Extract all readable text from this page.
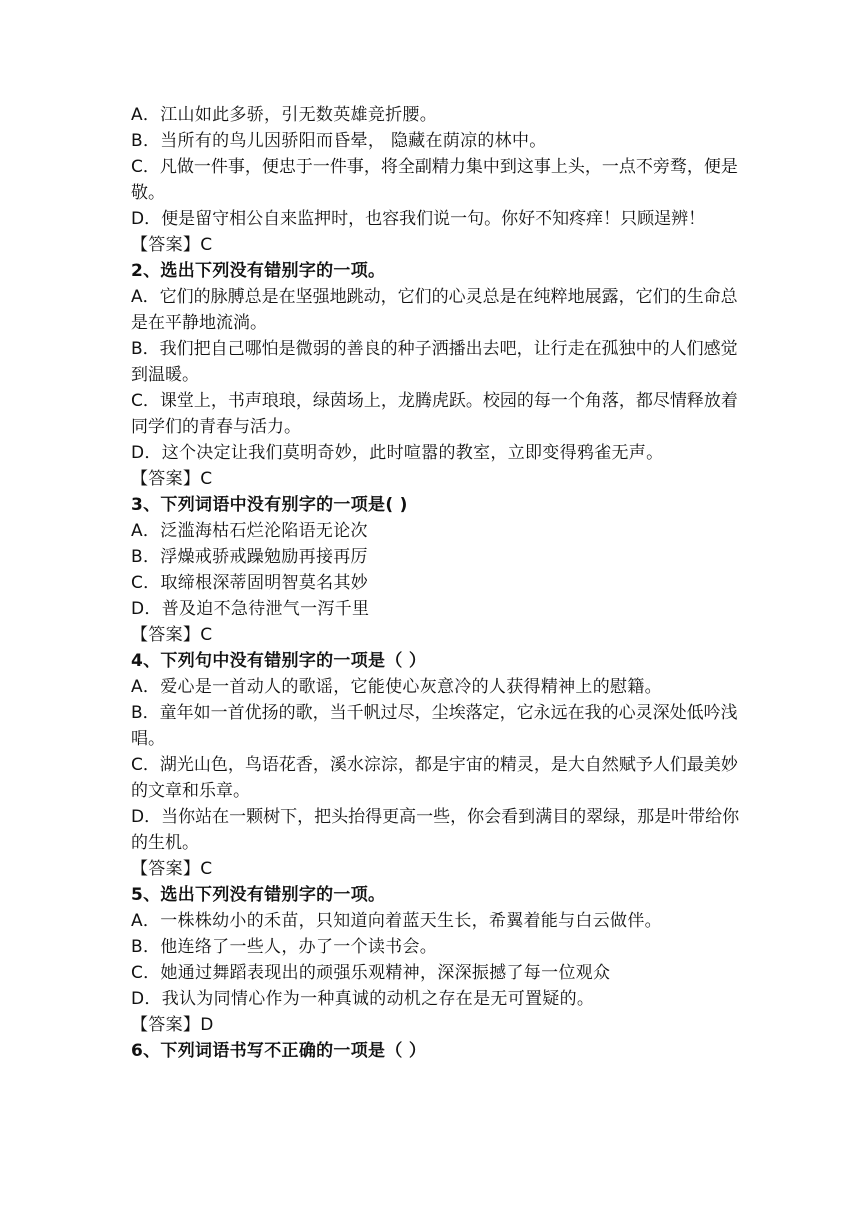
A．江山如此多骄，引无数英雄竞折腰。
B．当所有的鸟儿因骄阳而昏晕， 隐藏在荫凉的林中。
C．凡做一件事，便忠于一件事，将全副精力集中到这事上头，一点不旁骛，便是敬。
D．便是留守相公自来监押时，也容我们说一句。你好不知疼痒！只顾逞辨！
【答案】C
2、选出下列没有错别字的一项。
A．它们的脉膊总是在坚强地跳动，它们的心灵总是在纯粹地展露，它们的生命总是在平静地流淌。
B．我们把自己哪怕是微弱的善良的种子洒播出去吧，让行走在孤独中的人们感觉到温暖。
C．课堂上，书声琅琅，绿茵场上，龙腾虎跃。校园的每一个角落，都尽情释放着同学们的青春与活力。
D．这个决定让我们莫明奇妙，此时喧嚣的教室，立即变得鸦雀无声。
【答案】C
3、下列词语中没有别字的一项是( )
A．泛滥海枯石烂沦陷语无论次
B．浮燥戒骄戒躁勉励再接再厉
C．取缔根深蒂固明智莫名其妙
D．普及迫不急待泄气一泻千里
【答案】C
4、下列句中没有错别字的一项是（ ）
A．爱心是一首动人的歌谣，它能使心灰意冷的人获得精神上的慰籍。
B．童年如一首优扬的歌，当千帆过尽，尘埃落定，它永远在我的心灵深处低吟浅唱。
C．湖光山色，鸟语花香，溪水淙淙，都是宇宙的精灵，是大自然赋予人们最美妙的文章和乐章。
D．当你站在一颗树下，把头抬得更高一些，你会看到满目的翠绿，那是叶带给你的生机。
【答案】C
5、选出下列没有错别字的一项。
A．一株株幼小的禾苗，只知道向着蓝天生长，希翼着能与白云做伴。
B．他连络了一些人，办了一个读书会。
C．她通过舞蹈表现出的顽强乐观精神，深深振撼了每一位观众
D．我认为同情心作为一种真诚的动机之存在是无可置疑的。
【答案】D
6、下列词语书写不正确的一项是（ ）
